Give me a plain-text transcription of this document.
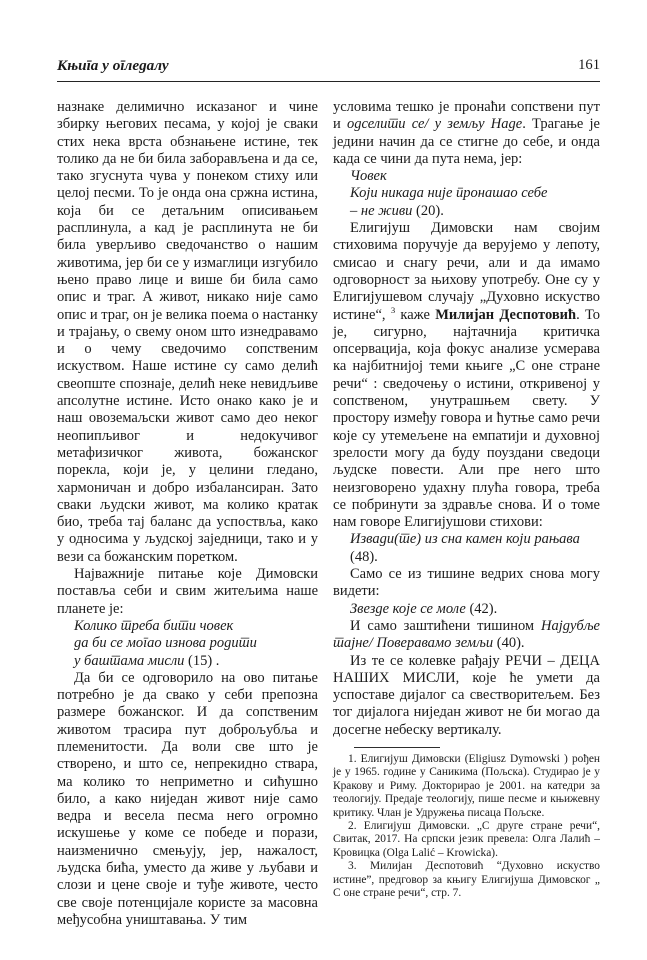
Књига у огледалу	161

назнаке делимично исказаног и чине збирку његових песама, у којој је сваки стих нека врста обзнањене истине, тек толико да не би била заборављена и да се, тако згуснута чува у понеком стиху или целој песми. То је онда она сржна истина, која би се детаљним описивањем расплинула, а кад је расплинута не би била уверљиво сведочанство о нашим животима, јер би се у измаглици изгубило њено право лице и више би била само опис и траг. А живот, никако није само опис и траг, он је велика поема о настанку и трајању, о свему оном што изнедравамо и о чему сведочимо сопственим искуством. Наше истине су само делић свеопште спознаје, делић неке невидљиве апсолутне истине. Исто онако како је и наш овоземаљски живот само део неког неопипљивог и недокучивог метафизичког живота, божанског порекла, који је, у целини гледано, хармоничан и добро избалансиран. Зато сваки људски живот, ма колико кратак био, треба тај баланс да успоствља, како у односима у људској заједници, тако и у вези са божанским поретком.

Најважније питање које Димовски поставља себи и свим житељима наше планете је:

Колико треба бити човек
да би се могао изнова родити
у баштама мисли (15) .

Да би се одговорило на ово питање потребно је да свако у себи препозна размере божанског. И да сопственим животом трасира пут доброљубља и племенитости. Да воли све што је створено, и што се, непрекидно ствара, ма колико то неприметно и сићушно било, а како ниједан живот није само ведра и весела песма него огромно искушење у коме се победе и порази, наизменично смењују, јер, нажалост, људска бића, уместо да живе у љубави и слози и цене своје и туђе животе, често све своје потенцијале користе за масовна међусобна уништавања. У тим

условима тешко је пронаћи сопствени пут и одселити се/ у земљу Наде. Трагање је једини начин да се стигне до себе, и онда када се чини да пута нема, јер:

Човек
Који никада није пронашао себе
– не живи (20).

Елигијуш Димовски нам својим стиховима поручује да верујемо у лепоту, смисао и снагу речи, али и да имамо одговорност за њихову употребу. Оне су у Елигијушевом случају „Духовно искуство истине“, $^3$ каже Милијан Деспотовић. То је, сигурно, најтачнија критичка опсервација, која фокус анализе усмерава ка најбитнијој теми књиге „С оне стране речи“ : сведочењу о истини, откривеној у сопственом, унутрашњем свету. У простору између говора и ћутње само речи које су утемељене на емпатији и духовној зрелости могу да буду поуздани сведоци људске повести. Али пре него што неизговорено удахну плућа говора, треба се побринути за здравље снова. И о томе нам говоре Елигијушови стихови:

Извади(те) из сна камен који рањава (48).

Само се из тишине ведрих снова могу видети:

Звезде које се моле (42).

И само заштићени тишином Најдубље тајне/ Поверавамо земљи (40).

Из те се колевке рађају РЕЧИ – ДЕЦА НАШИХ МИСЛИ, које ће умети да успоставе дијалог са свестворитељем. Без тог дијалога ниједан живот не би могао да досегне небеску вертикалу.

1. Елигијуш Димовски (Eligiusz Dymowski ) рођен је у 1965. године у Саникима (Пољска). Студирао је у Кракову и Риму. Докторирао је 2001. на катедри за теологију. Предаје теологију, пише песме и књижевну критику. Члан је Удружења писаца Пољске.

2. Елигијуш Димовски. „С друге стране речи“, Свитак, 2017. На српски језик превела: Олга Лалић – Кровицка (Olga Lalić – Krowicka).

3. Милијан Деспотовић “Духовно искуство истине”, предговор за књигу Елигијуша Димовског „ С оне стране речи“, стр. 7.
